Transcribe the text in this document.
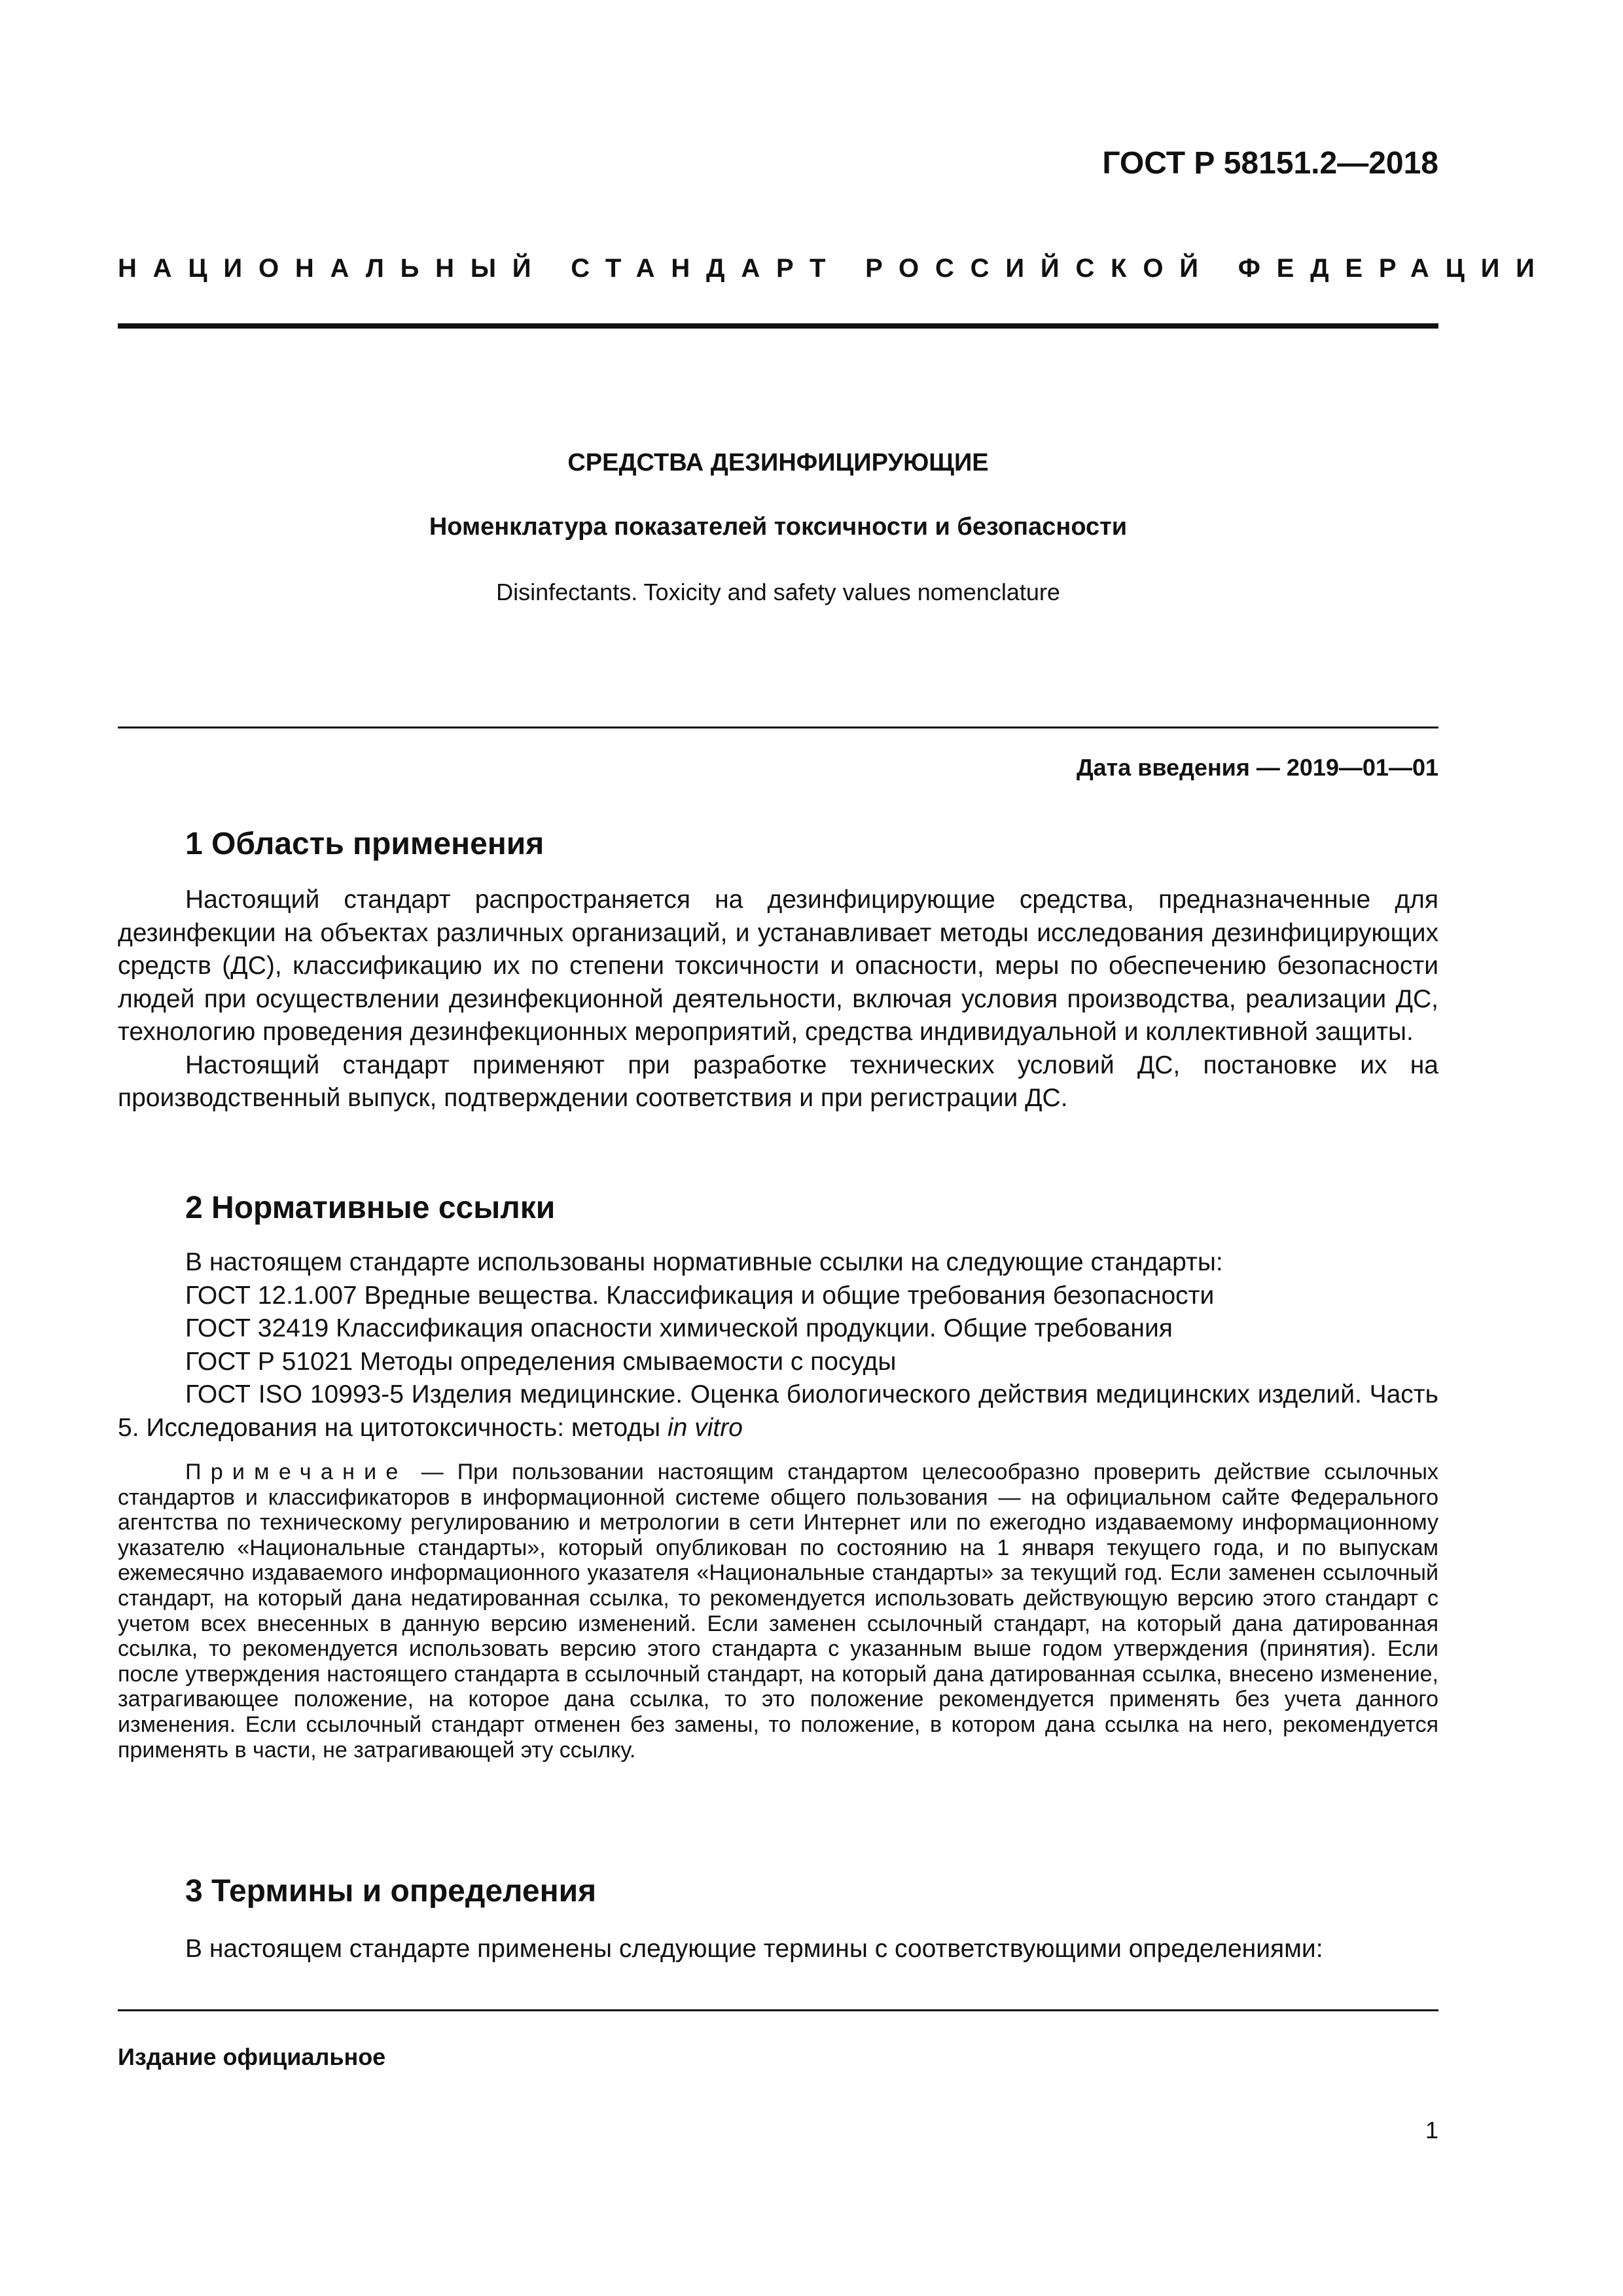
ГОСТ Р 58151.2—2018
НАЦИОНАЛЬНЫЙ СТАНДАРТ РОССИЙСКОЙ ФЕДЕРАЦИИ
СРЕДСТВА ДЕЗИНФИЦИРУЮЩИЕ
Номенклатура показателей токсичности и безопасности
Disinfectants. Toxicity and safety values nomenclature
Дата введения — 2019—01—01
1 Область применения

Настоящий стандарт распространяется на дезинфицирующие средства, предназначенные для дезинфекции на объектах различных организаций, и устанавливает методы исследования дезинфицирующих средств (ДС), классификацию их по степени токсичности и опасности, меры по обеспечению безопасности людей при осуществлении дезинфекционной деятельности, включая условия производства, реализации ДС, технологию проведения дезинфекционных мероприятий, средства индивидуальной и коллективной защиты.

Настоящий стандарт применяют при разработке технических условий ДС, постановке их на производственный выпуск, подтверждении соответствия и при регистрации ДС.

2 Нормативные ссылки

В настоящем стандарте использованы нормативные ссылки на следующие стандарты:

ГОСТ 12.1.007 Вредные вещества. Классификация и общие требования безопасности

ГОСТ 32419 Классификация опасности химической продукции. Общие требования

ГОСТ Р 51021 Методы определения смываемости с посуды

ГОСТ ISO 10993-5 Изделия медицинские. Оценка биологического действия медицинских изделий. Часть 5. Исследования на цитотоксичность: методы in vitro

Примечание — При пользовании настоящим стандартом целесообразно проверить действие ссылочных стандартов и классификаторов в информационной системе общего пользования — на официальном сайте Федерального агентства по техническому регулированию и метрологии в сети Интернет или по ежегодно издаваемому информационному указателю «Национальные стандарты», который опубликован по состоянию на 1 января текущего года, и по выпускам ежемесячно издаваемого информационного указателя «Национальные стандарты» за текущий год. Если заменен ссылочный стандарт, на который дана недатированная ссылка, то рекомендуется использовать действующую версию этого стандарт с учетом всех внесенных в данную версию изменений. Если заменен ссылочный стандарт, на который дана датированная ссылка, то рекомендуется использовать версию этого стандарта с указанным выше годом утверждения (принятия). Если после утверждения настоящего стандарта в ссылочный стандарт, на который дана датированная ссылка, внесено изменение, затрагивающее положение, на которое дана ссылка, то это положение рекомендуется применять без учета данного изменения. Если ссылочный стандарт отменен без замены, то положение, в котором дана ссылка на него, рекомендуется применять в части, не затрагивающей эту ссылку.

3 Термины и определения

В настоящем стандарте применены следующие термины с соответствующими определениями:

Издание официальное
1
